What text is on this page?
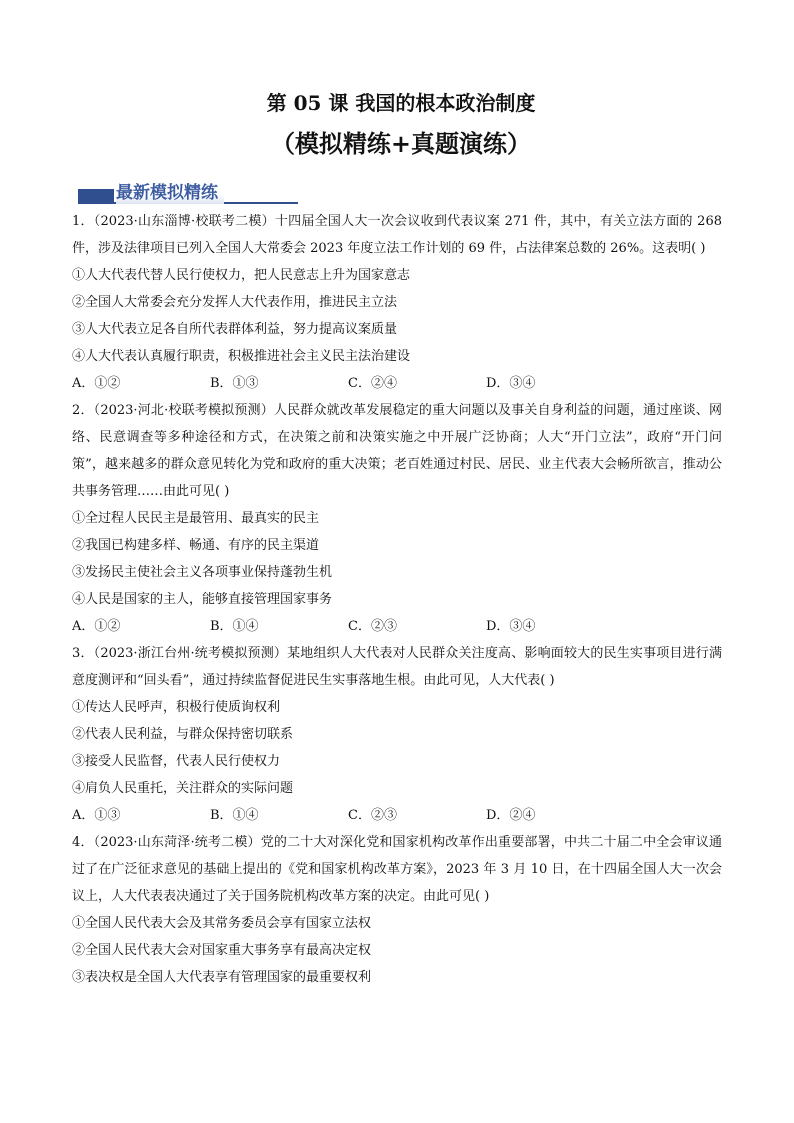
第 05 课 我国的根本政治制度
（模拟精练+真题演练）
最新模拟精练

1．（2023·山东淄博·校联考二模）十四届全国人大一次会议收到代表议案 271 件，其中，有关立法方面的 268 件，涉及法律项目已列入全国人大常委会 2023 年度立法工作计划的 69 件，占法律案总数的 26%。这表明( )

①人大代表代替人民行使权力，把人民意志上升为国家意志

②全国人大常委会充分发挥人大代表作用，推进民主立法

③人大代表立足各自所代表群体利益，努力提高议案质量

④人大代表认真履行职责，积极推进社会主义民主法治建设

A．①②	B．①③	C．②④	D．③④

2．（2023·河北·校联考模拟预测）人民群众就改革发展稳定的重大问题以及事关自身利益的问题，通过座谈、网络、民意调查等多种途径和方式，在决策之前和决策实施之中开展广泛协商；人大“开门立法”，政府“开门问策”，越来越多的群众意见转化为党和政府的重大决策；老百姓通过村民、居民、业主代表大会畅所欲言，推动公共事务管理……由此可见( )

①全过程人民民主是最管用、最真实的民主

②我国已构建多样、畅通、有序的民主渠道

③发扬民主使社会主义各项事业保持蓬勃生机

④人民是国家的主人，能够直接管理国家事务

A．①②	B．①④	C．②③	D．③④

3．（2023·浙江台州·统考模拟预测）某地组织人大代表对人民群众关注度高、影响面较大的民生实事项目进行满意度测评和“回头看”，通过持续监督促进民生实事落地生根。由此可见，人大代表( )

①传达人民呼声，积极行使质询权利

②代表人民利益，与群众保持密切联系

③接受人民监督，代表人民行使权力

④肩负人民重托，关注群众的实际问题

A．①③	B．①④	C．②③	D．②④

4．（2023·山东菏泽·统考二模）党的二十大对深化党和国家机构改革作出重要部署，中共二十届二中全会审议通过了在广泛征求意见的基础上提出的《党和国家机构改革方案》，2023 年 3 月 10 日，在十四届全国人大一次会议上，人大代表表决通过了关于国务院机构改革方案的决定。由此可见( )

①全国人民代表大会及其常务委员会享有国家立法权

②全国人民代表大会对国家重大事务享有最高决定权

③表决权是全国人大代表享有管理国家的最重要权利
